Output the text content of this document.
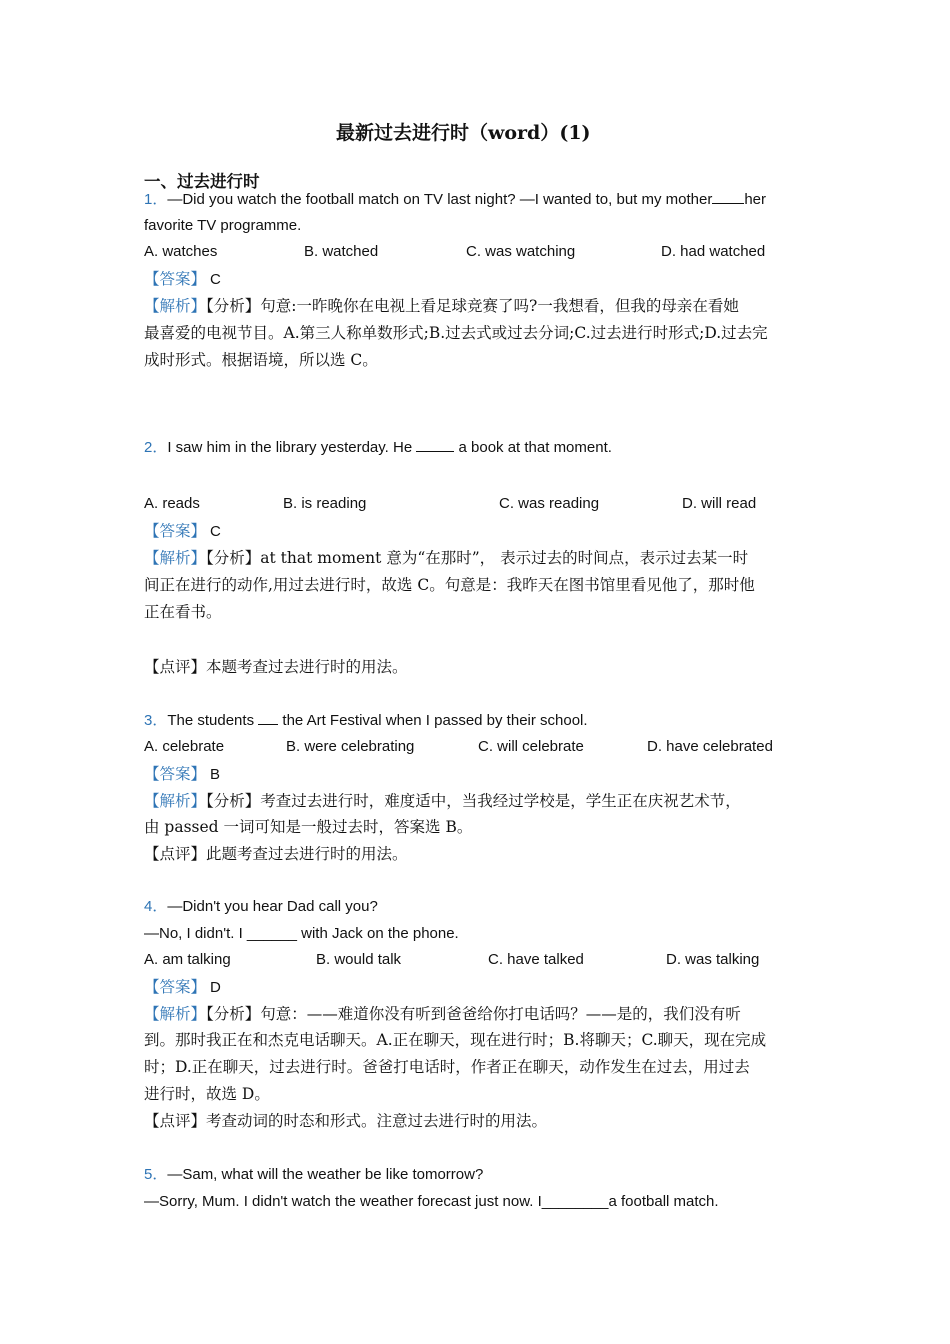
最新过去进行时（word）(1)
一、过去进行时
1．—Did you watch the football match on TV last night? —I wanted to, but my mother her
favorite TV programme.
A. watches	B. watched	C. was watching	D. had watched
【答案】 C
【解析】【分析】句意:一昨晚你在电视上看足球竞赛了吗?一我想看，但我的母亲在看她
最喜爱的电视节目。A.第三人称单数形式;B.过去式或过去分词;C.过去进行时形式;D.过去完
成时形式。根据语境，所以选 C。
2．I saw him in the library yesterday. He	a book at that moment.
A. reads	B. is reading	C. was reading	D. will read
【答案】 C
【解析】【分析】at that moment 意为“在那时”， 表示过去的时间点，表示过去某一时
间正在进行的动作,用过去进行时，故选 C。句意是：我昨天在图书馆里看见他了，那时他
正在看书。
【点评】本题考查过去进行时的用法。
3．The students  the Art Festival when I passed by their school.
A. celebrate	B. were celebrating	C. will celebrate	D. have celebrated
【答案】 B
【解析】【分析】考查过去进行时，难度适中，当我经过学校是，学生正在庆祝艺术节，
由 passed 一词可知是一般过去时，答案选 B。
【点评】此题考查过去进行时的用法。
4．—Didn't you hear Dad call you?
—No, I didn't. I ______ with Jack on the phone.
A. am talking	B. would talk	C. have talked	D. was talking
【答案】 D
【解析】【分析】句意：——难道你没有听到爸爸给你打电话吗？——是的，我们没有听
到。那时我正在和杰克电话聊天。A.正在聊天，现在进行时；B.将聊天；C.聊天，现在完成
时；D.正在聊天，过去进行时。爸爸打电话时，作者正在聊天，动作发生在过去，用过去
进行时，故选 D。
【点评】考查动词的时态和形式。注意过去进行时的用法。
5．—Sam, what will the weather be like tomorrow?
—Sorry, Mum. I didn't watch the weather forecast just now. I________a football match.
